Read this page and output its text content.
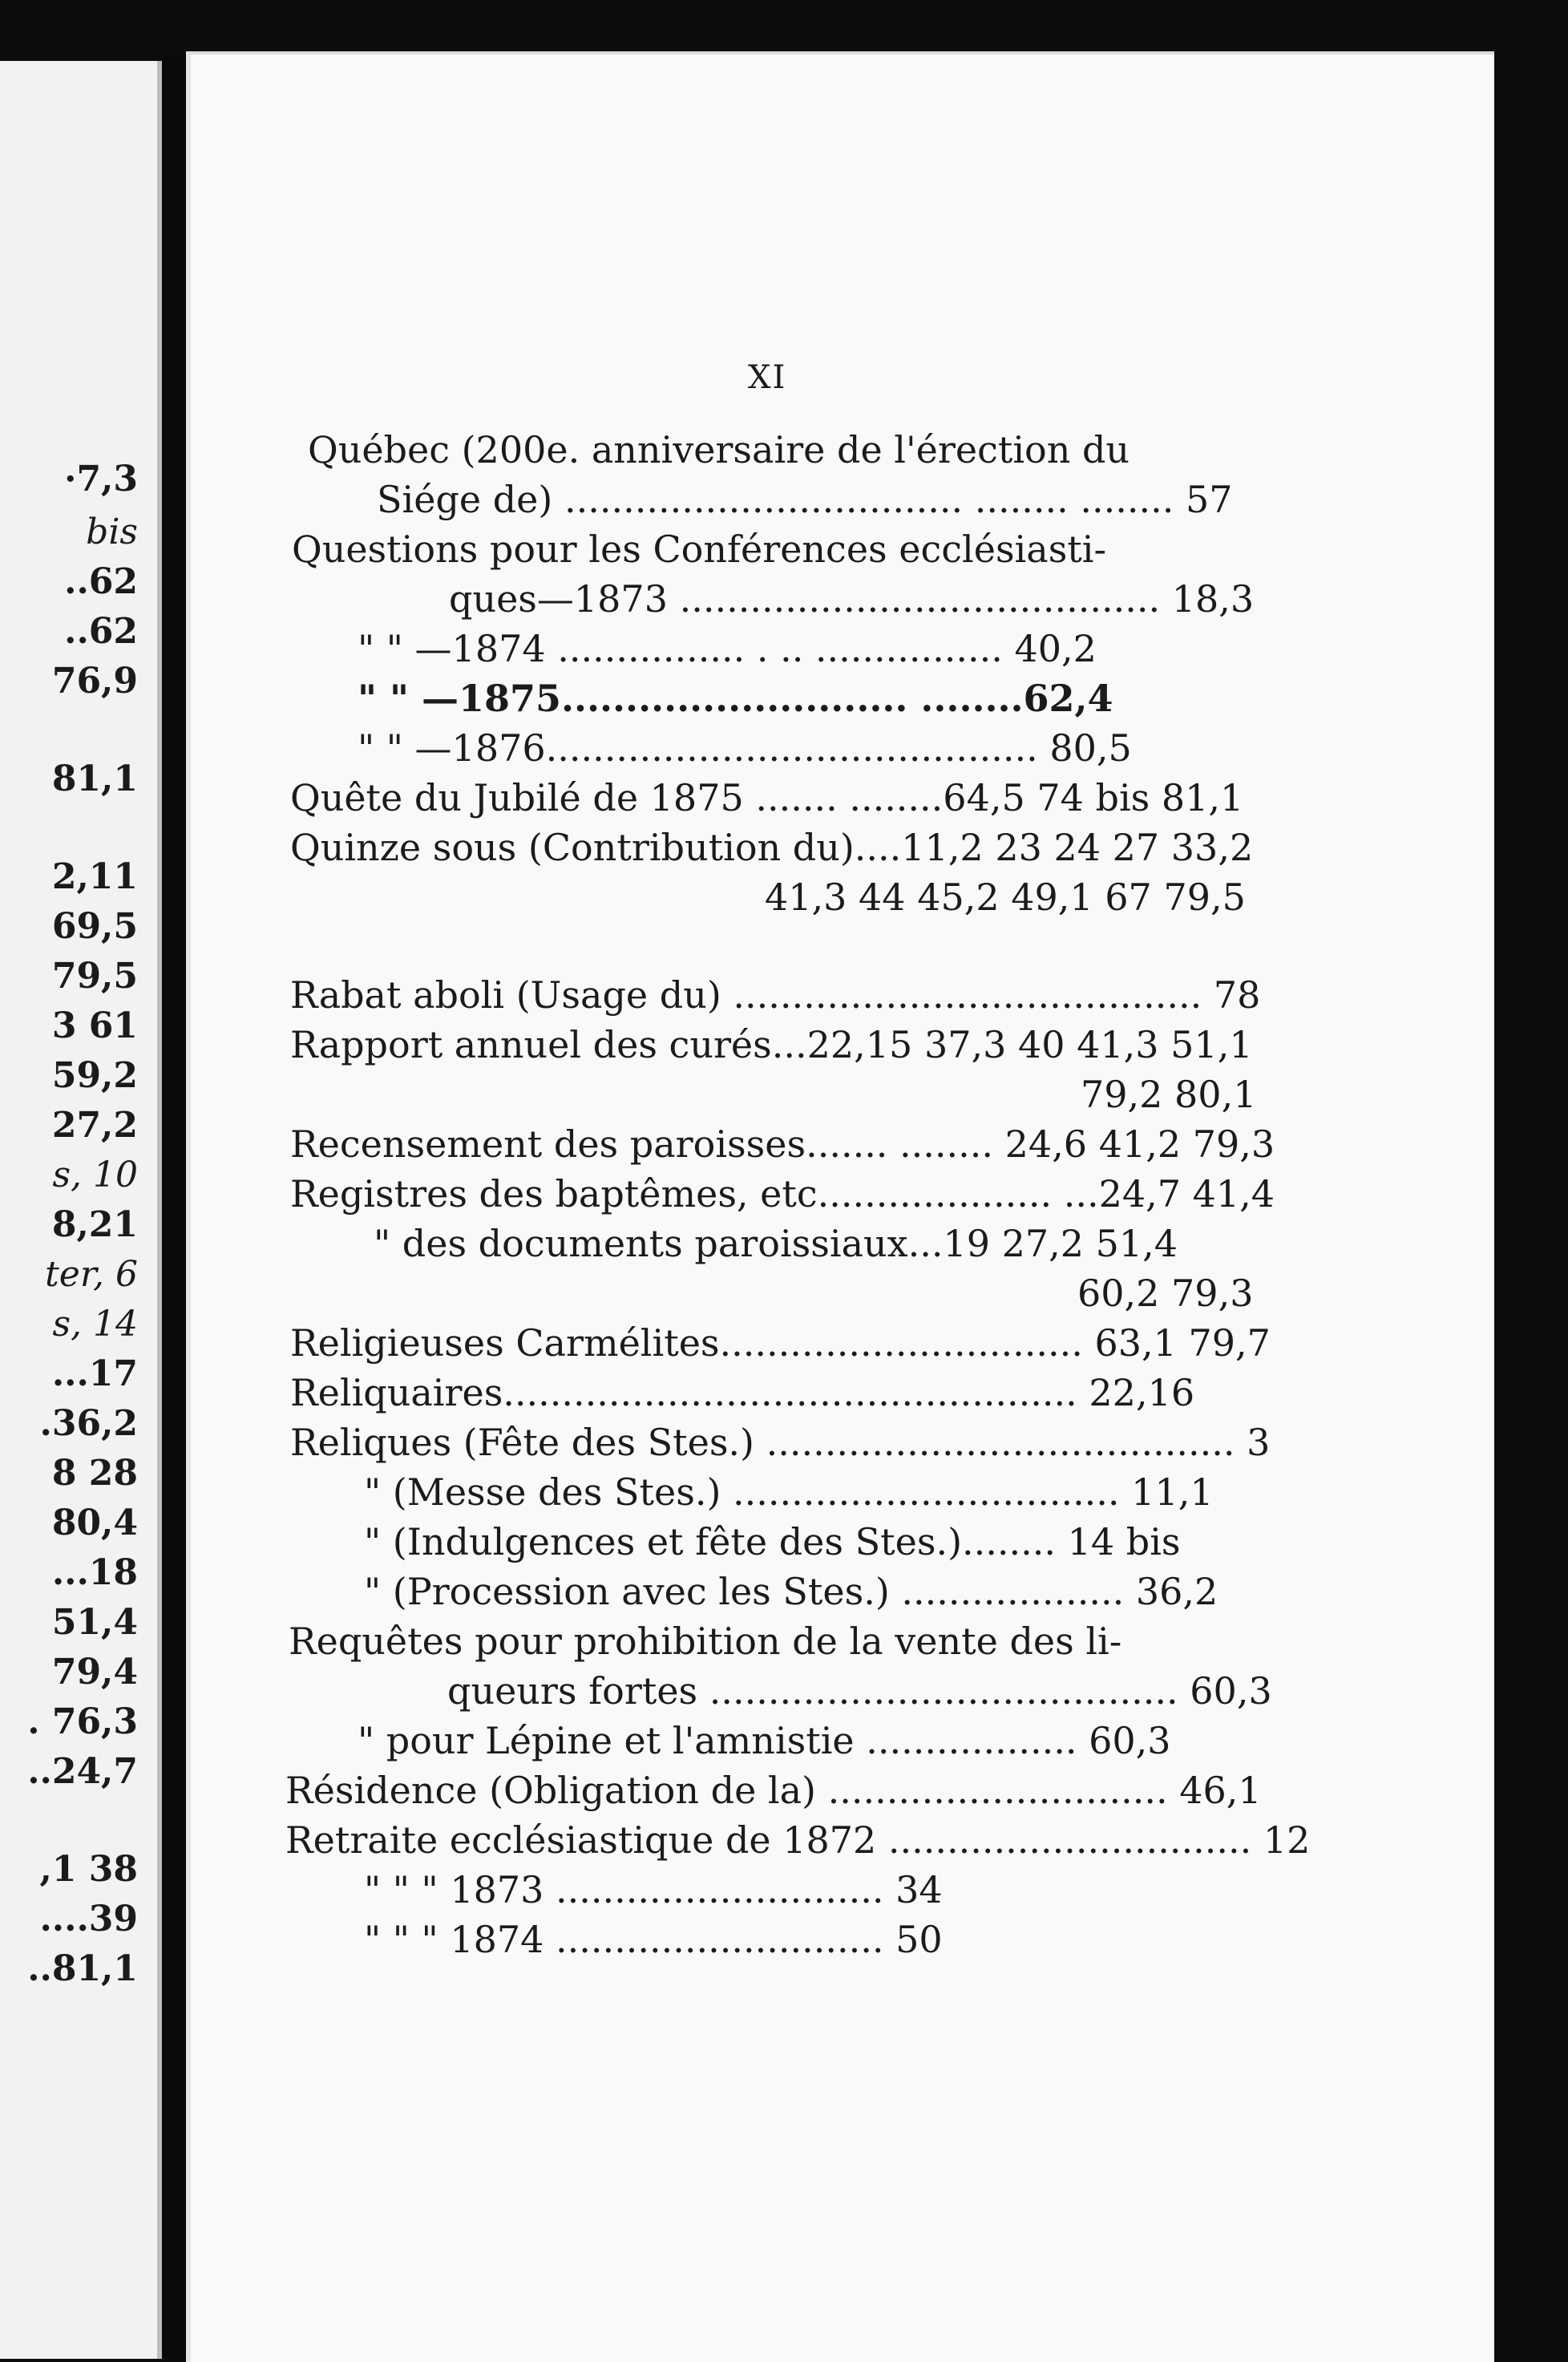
·7,3
bis
..62
..62
76,9
81,1
2,11
69,5
79,5
3 61
59,2
27,2
s, 10
8,21
ter, 6
s, 14
...17
.36,2
8 28
80,4
...18
51,4
79,4
. 76,3
..24,7
,1 38
....39
..81,1
XI
Québec (200e. anniversaire de l'érection du
Siége de) .................................. ........ ........ 57
Questions pour les Conférences ecclésiasti-
ques—1873 ......................................... 18,3
" " —1874 ................ . .. ................ 40,2
" " —1875........................... ........62,4
" " —1876.......................................... 80,5
Quête du Jubilé de 1875 ....... ........64,5 74 bis 81,1
Quinze sous (Contribution du)....11,2 23 24 27 33,2
41,3 44 45,2 49,1 67 79,5
Rabat aboli (Usage du) ........................................ 78
Rapport annuel des curés...22,15 37,3 40 41,3 51,1
79,2 80,1
Recensement des paroisses....... ........ 24,6 41,2 79,3
Registres des baptêmes, etc.................... ...24,7 41,4
" des documents paroissiaux...19 27,2 51,4
60,2 79,3
Religieuses Carmélites............................... 63,1 79,7
Reliquaires................................................. 22,16
Reliques (Fête des Stes.) ........................................ 3
" (Messe des Stes.) ................................. 11,1
" (Indulgences et fête des Stes.)........ 14 bis
" (Procession avec les Stes.) ................... 36,2
Requêtes pour prohibition de la vente des li-
queurs fortes ........................................ 60,3
" pour Lépine et l'amnistie .................. 60,3
Résidence (Obligation de la) ............................. 46,1
Retraite ecclésiastique de 1872 ............................... 12
" " " 1873 ............................ 34
" " " 1874 ............................ 50
